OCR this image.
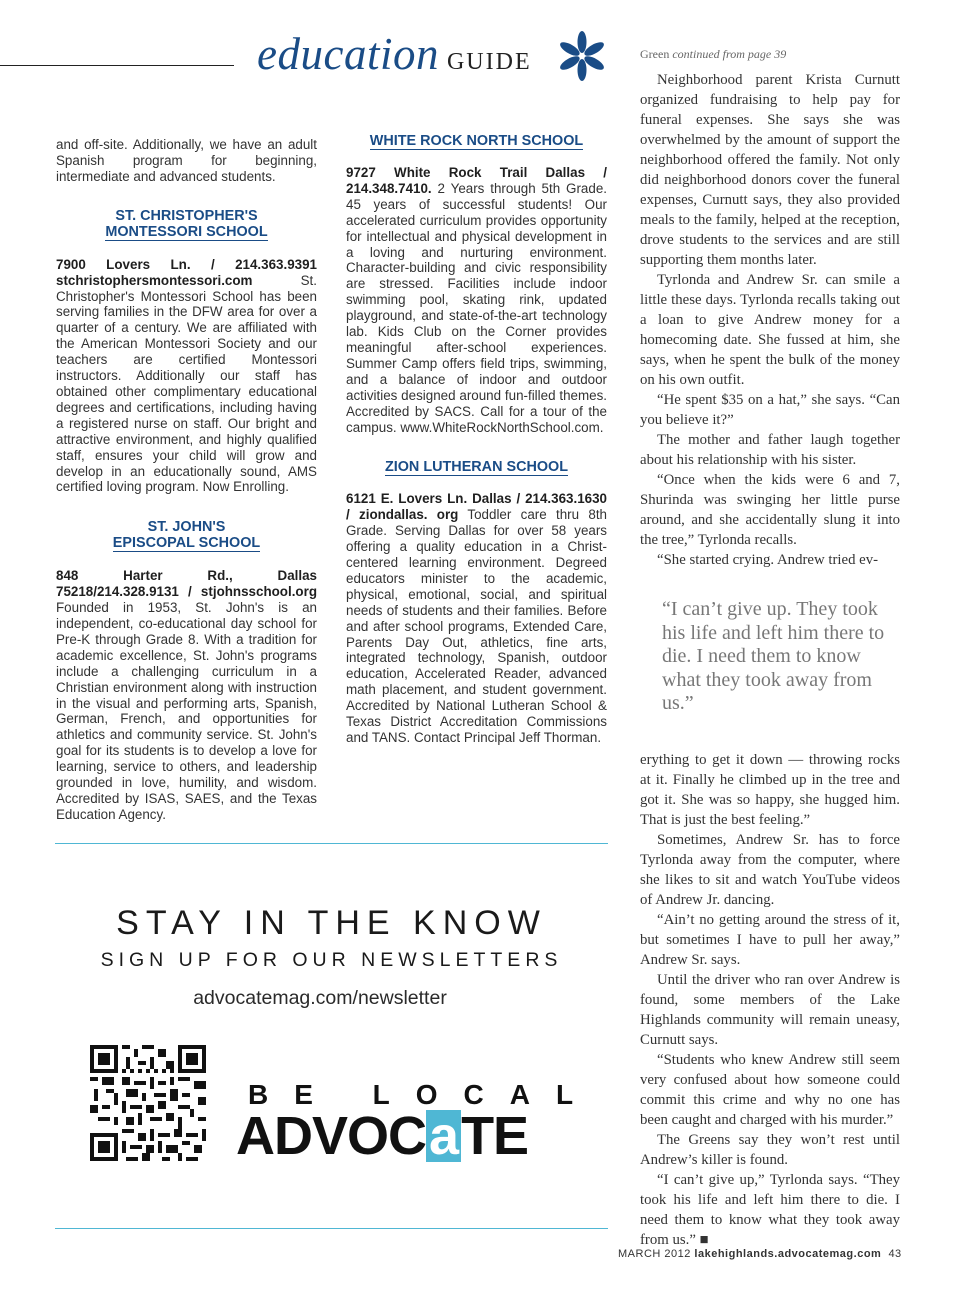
education GUIDE

and off-site. Additionally, we have an adult Spanish program for beginning, intermediate and advanced students.

ST. CHRISTOPHER'S
MONTESSORI SCHOOL

7900 Lovers Ln. / 214.363.9391 stchristophersmontessori.com St. Christopher's Montessori School has been serving families in the DFW area for over a quarter of a century. We are affiliated with the American Montessori Society and our teachers are certified Montessori instructors. Additionally our staff has obtained other complimentary educational degrees and certifications, including having a registered nurse on staff. Our bright and attractive environment, and highly qualified staff, ensures your child will grow and develop in an educationally sound, AMS certified loving program. Now Enrolling.

ST. JOHN'S
EPISCOPAL SCHOOL

848 Harter Rd., Dallas 75218/214.328.9131 / stjohnsschool.org Founded in 1953, St. John's is an independent, co-educational day school for Pre-K through Grade 8. With a tradition for academic excellence, St. John's programs include a challenging curriculum in a Christian environment along with instruction in the visual and performing arts, Spanish, German, French, and opportunities for athletics and community service. St. John's goal for its students is to develop a love for learning, service to others, and leadership grounded in love, humility, and wisdom. Accredited by ISAS, SAES, and the Texas Education Agency.

WHITE ROCK NORTH SCHOOL

9727 White Rock Trail Dallas / 214.348.7410. 2 Years through 5th Grade. 45 years of successful students! Our accelerated curriculum provides opportunity for intellectual and physical development in a loving and nurturing environment. Character-building and civic responsibility are stressed. Facilities include indoor swimming pool, skating rink, updated playground, and state-of-the-art technology lab. Kids Club on the Corner provides meaningful after-school experiences. Summer Camp offers field trips, swimming, and a balance of indoor and outdoor activities designed around fun-filled themes. Accredited by SACS. Call for a tour of the campus. www.WhiteRockNorthSchool.com.

ZION LUTHERAN SCHOOL

6121 E. Lovers Ln. Dallas / 214.363.1630 / ziondallas. org Toddler care thru 8th Grade. Serving Dallas for over 58 years offering a quality education in a Christ-centered learning environment. Degreed educators minister to the academic, physical, emotional, social, and spiritual needs of students and their families. Before and after school programs, Extended Care, Parents Day Out, athletics, fine arts, integrated technology, Spanish, outdoor education, Accelerated Reader, advanced math placement, and student government. Accredited by National Lutheran School & Texas District Accreditation Commissions and TANS. Contact Principal Jeff Thorman.

Green continued from page 39

Neighborhood parent Krista Curnutt organized fundraising to help pay for funeral expenses. She says she was overwhelmed by the amount of support the neighborhood offered the family. Not only did neighborhood donors cover the funeral expenses, Curnutt says, they also provided meals to the family, helped at the reception, drove students to the services and are still supporting them months later.

Tyrlonda and Andrew Sr. can smile a little these days. Tyrlonda recalls taking out a loan to give Andrew money for a homecoming date. She fussed at him, she says, when he spent the bulk of the money on his own outfit.

“He spent $35 on a hat,” she says. “Can you believe it?”

The mother and father laugh together about his relationship with his sister.

“Once when the kids were 6 and 7, Shurinda was swinging her little purse around, and she accidentally slung it into the tree,” Tyrlonda recalls.

“She started crying. Andrew tried ev-

“I can’t give up. They took his life and left him there to die. I need them to know what they took away from us.”

erything to get it down — throwing rocks at it. Finally he climbed up in the tree and got it. She was so happy, she hugged him. That is just the best feeling.”

Sometimes, Andrew Sr. has to force Tyrlonda away from the computer, where she likes to sit and watch YouTube videos of Andrew Jr. dancing.

“Ain’t no getting around the stress of it, but sometimes I have to pull her away,” Andrew Sr. says.

Until the driver who ran over Andrew is found, some members of the Lake Highlands community will remain uneasy, Curnutt says.

“Students who knew Andrew still seem very confused about how someone could commit this crime and why no one has been caught and charged with his murder.”

The Greens say they won’t rest until Andrew’s killer is found.

“I can’t give up,” Tyrlonda says. “They took his life and left him there to die. I need them to know what they took away from us.” ■

STAY IN THE KNOW
SIGN UP FOR OUR NEWSLETTERS
advocatemag.com/newsletter
BE LOCAL
ADVOCaTE
MARCH 2012 lakehighlands.advocatemag.com 43
